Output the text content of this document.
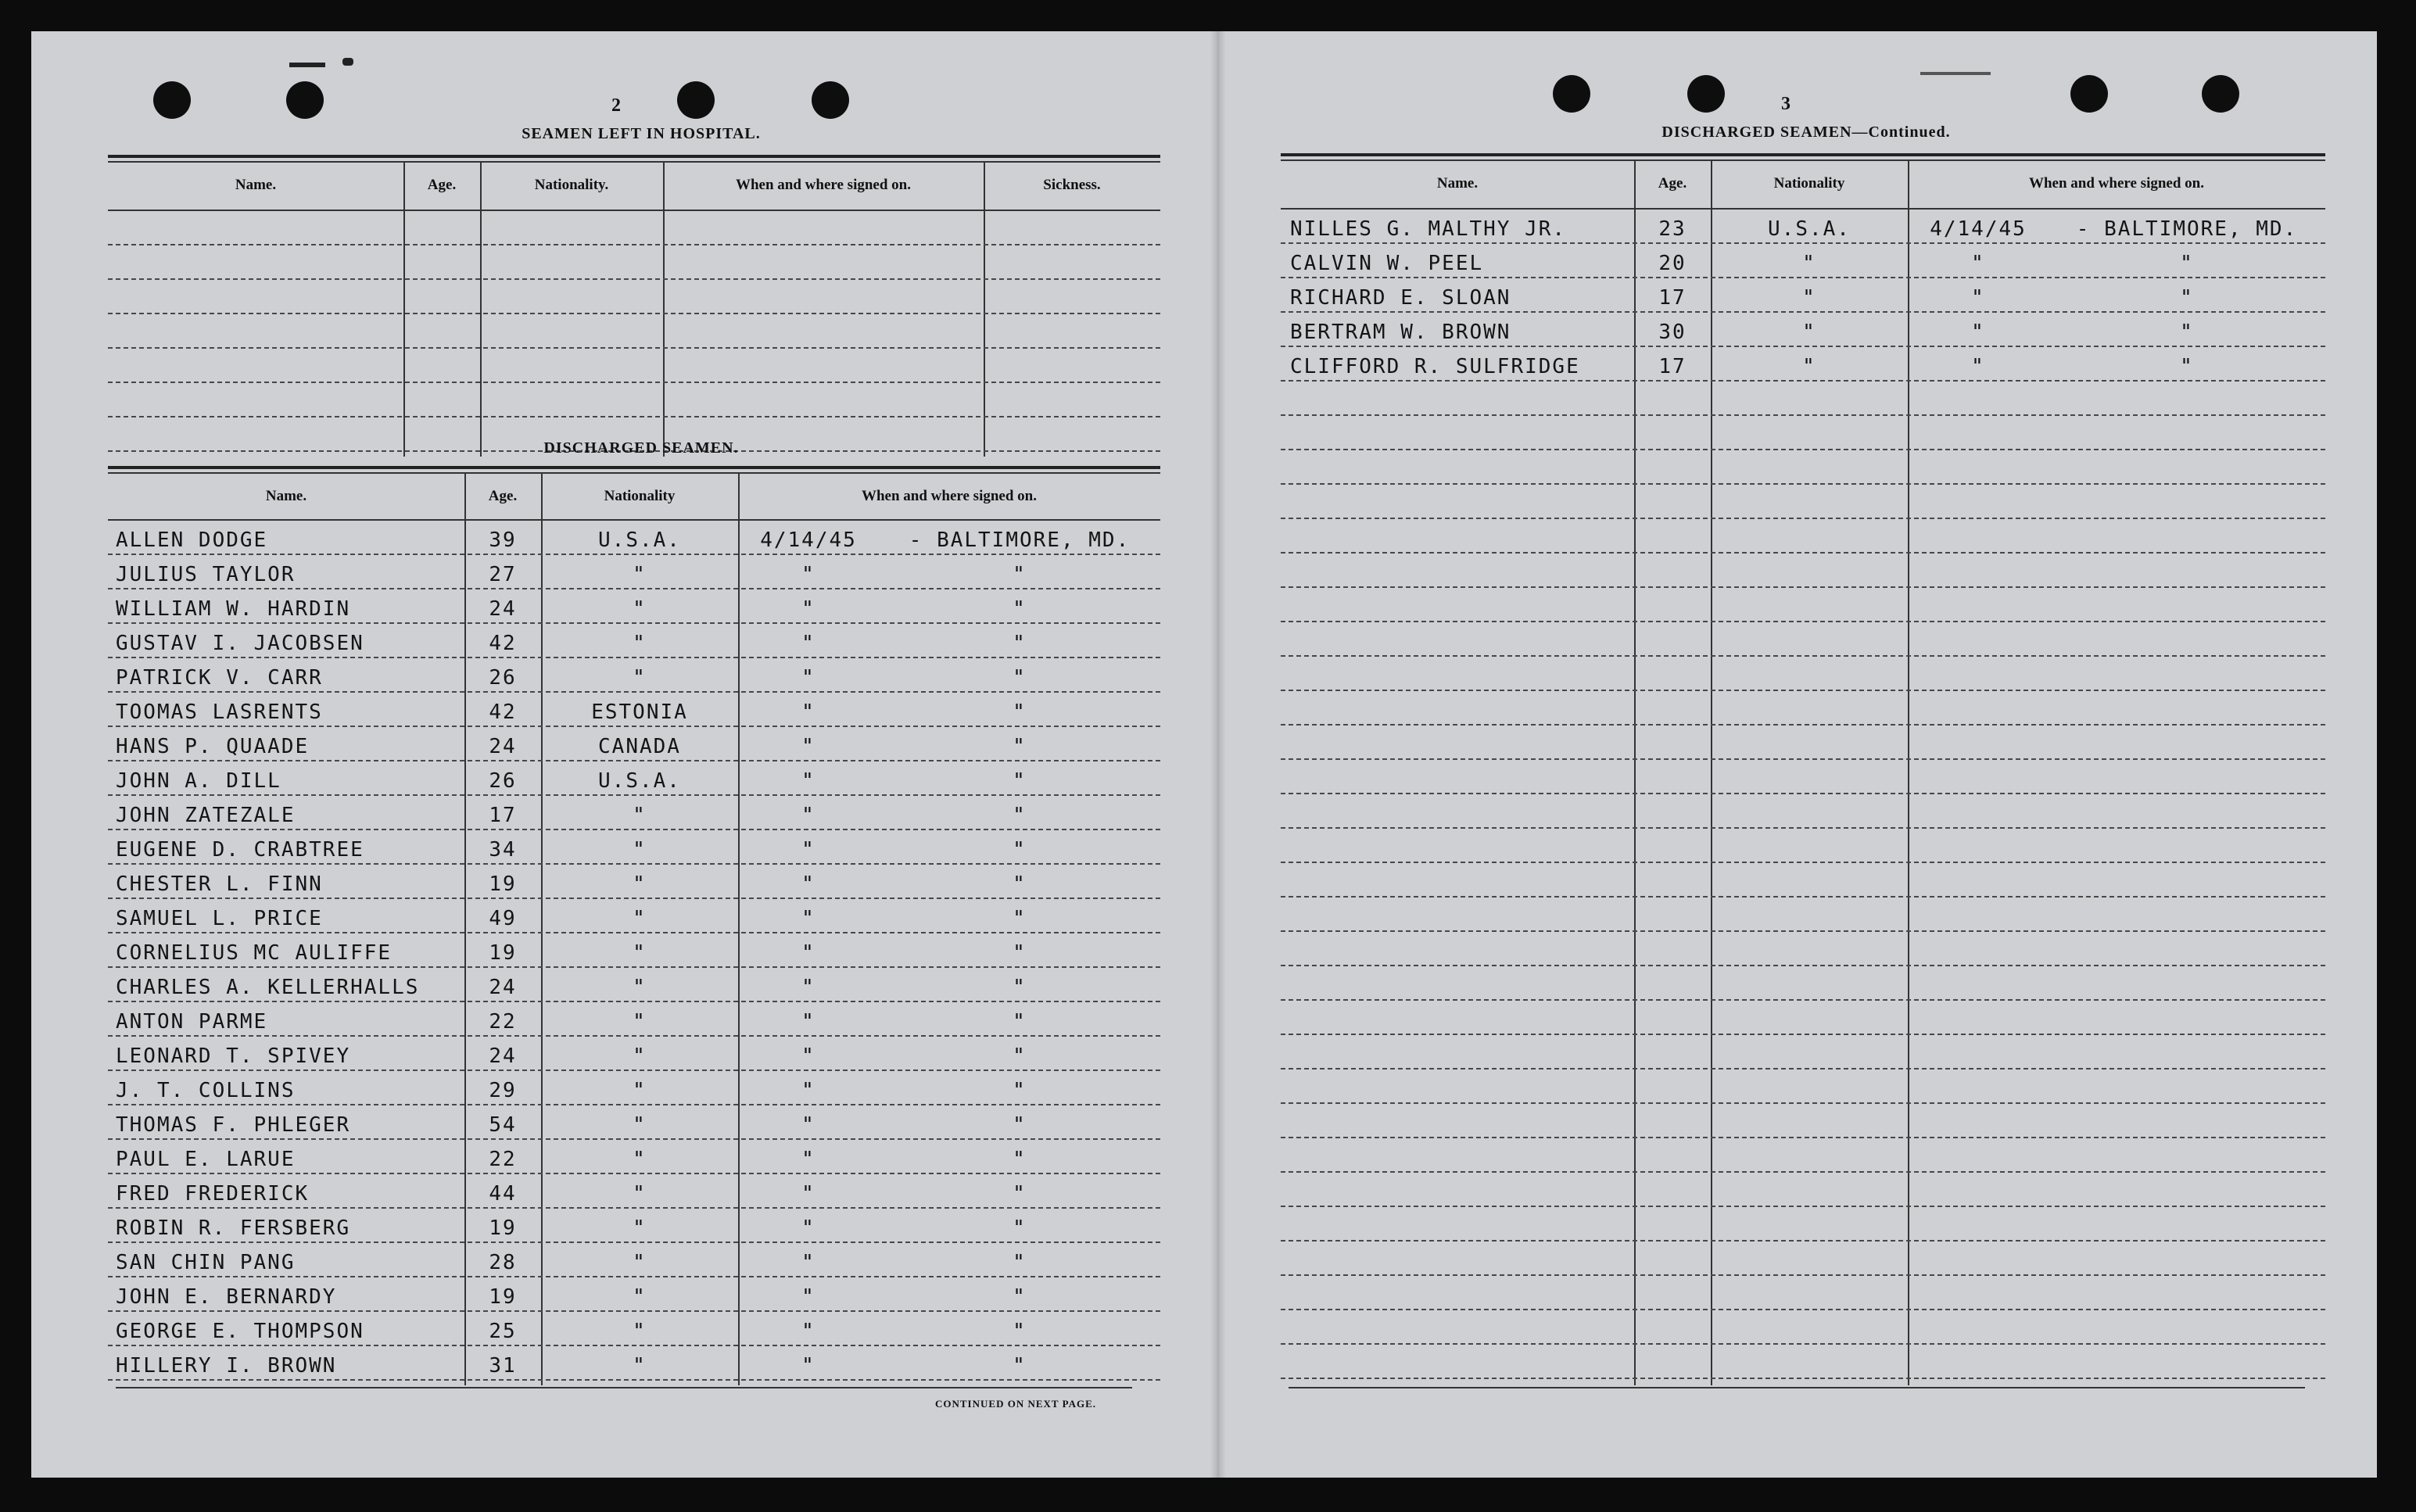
2
SEAMEN LEFT IN HOSPITAL.
Name.	Age.	Nationality.	When and where signed on.	Sickness.
DISCHARGED SEAMEN.
Name.	Age.	Nationality	When and where signed on.
ALLEN DODGE	39	U.S.A.	4/14/45	- BALTIMORE, MD.
JULIUS TAYLOR	27	"	"	"
WILLIAM W. HARDIN	24	"	"	"
GUSTAV I. JACOBSEN	42	"	"	"
PATRICK V. CARR	26	"	"	"
TOOMAS LASRENTS	42	ESTONIA	"	"
HANS P. QUAADE	24	CANADA	"	"
JOHN A. DILL	26	U.S.A.	"	"
JOHN ZATEZALE	17	"	"	"
EUGENE D. CRABTREE	34	"	"	"
CHESTER L. FINN	19	"	"	"
SAMUEL L. PRICE	49	"	"	"
CORNELIUS MC AULIFFE	19	"	"	"
CHARLES A. KELLERHALLS	24	"	"	"
ANTON PARME	22	"	"	"
LEONARD T. SPIVEY	24	"	"	"
J. T. COLLINS	29	"	"	"
THOMAS F. PHLEGER	54	"	"	"
PAUL E. LARUE	22	"	"	"
FRED FREDERICK	44	"	"	"
ROBIN R. FERSBERG	19	"	"	"
SAN CHIN PANG	28	"	"	"
JOHN E. BERNARDY	19	"	"	"
GEORGE E. THOMPSON	25	"	"	"
HILLERY I. BROWN	31	"	"	"
CONTINUED ON NEXT PAGE.
3
DISCHARGED SEAMEN—Continued.
Name.	Age.	Nationality	When and where signed on.
NILLES G. MALTHY JR.	23	U.S.A.	4/14/45	- BALTIMORE, MD.
CALVIN W. PEEL	20	"	"	"
RICHARD E. SLOAN	17	"	"	"
BERTRAM W. BROWN	30	"	"	"
CLIFFORD R. SULFRIDGE	17	"	"	"
